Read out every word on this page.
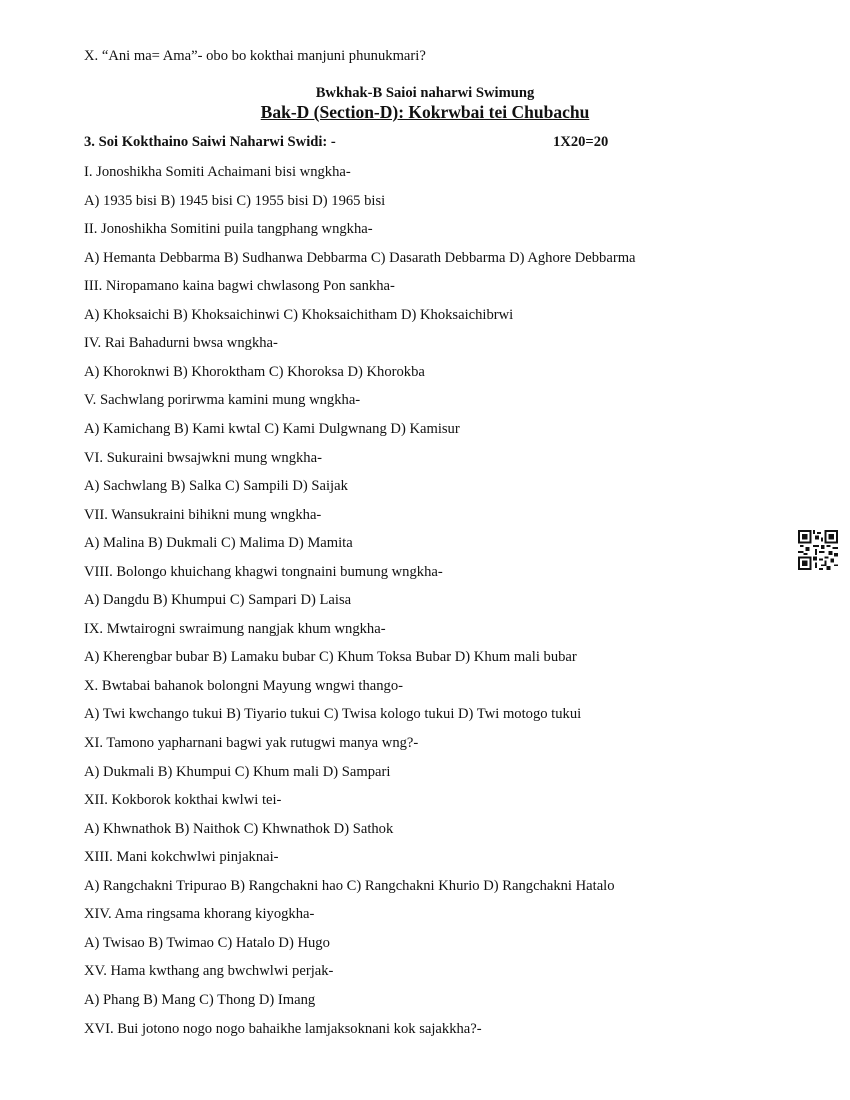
X. “Ani ma= Ama”- obo bo kokthai manjuni phunukmari?
Bwkhak-B Saioi naharwi Swimung
Bak-D (Section-D): Kokrwbai tei Chubachu
3. Soi Kokthaino Saiwi Naharwi Swidi: -	1X20=20
I. Jonoshikha Somiti Achaimani bisi wngkha-
A) 1935 bisi B) 1945 bisi C) 1955 bisi D) 1965 bisi
II. Jonoshikha Somitini puila tangphang wngkha-
A) Hemanta Debbarma B) Sudhanwa Debbarma C) Dasarath Debbarma D) Aghore Debbarma
III. Niropamano kaina bagwi chwlasong Pon sankha-
A) Khoksaichi B) Khoksaichinwi C) Khoksaichitham D) Khoksaichibrwi
IV. Rai Bahadurni bwsa wngkha-
A) Khoroknwi B) Khoroktham C) Khoroksa D) Khorokba
V. Sachwlang porirwma kamini mung wngkha-
A) Kamichang B) Kami kwtal C) Kami Dulgwnang D) Kamisur
VI. Sukuraini bwsajwkni mung wngkha-
A) Sachwlang B) Salka C) Sampili D) Saijak
VII. Wansukraini bihikni mung wngkha-
A) Malina B) Dukmali C) Malima D) Mamita
VIII. Bolongo khuichang khagwi tongnaini bumung wngkha-
A) Dangdu B) Khumpui C) Sampari D) Laisa
IX. Mwtairogni swraimung nangjak khum wngkha-
A) Kherengbar bubar B) Lamaku bubar C) Khum Toksa Bubar D) Khum mali bubar
X. Bwtabai bahanok bolongni Mayung wngwi thango-
A) Twi kwchango tukui B) Tiyario tukui C) Twisa kologo tukui D) Twi motogo tukui
XI. Tamono yapharnani bagwi yak rutugwi manya wng?-
A) Dukmali B) Khumpui C) Khum mali D) Sampari
XII. Kokborok kokthai kwlwi tei-
A) Khwnathok B) Naithok C) Khwnathok D) Sathok
XIII. Mani kokchwlwi pinjaknai-
A) Rangchakni Tripurao B) Rangchakni hao C) Rangchakni Khurio D) Rangchakni Hatalo
XIV. Ama ringsama khorang kiyogkha-
A) Twisao B) Twimao C) Hatalo D) Hugo
XV. Hama kwthang ang bwchwlwi perjak-
A) Phang B) Mang C) Thong D) Imang
XVI. Bui jotono nogo nogo bahaikhe lamjaksoknani kok sajakkha?-
